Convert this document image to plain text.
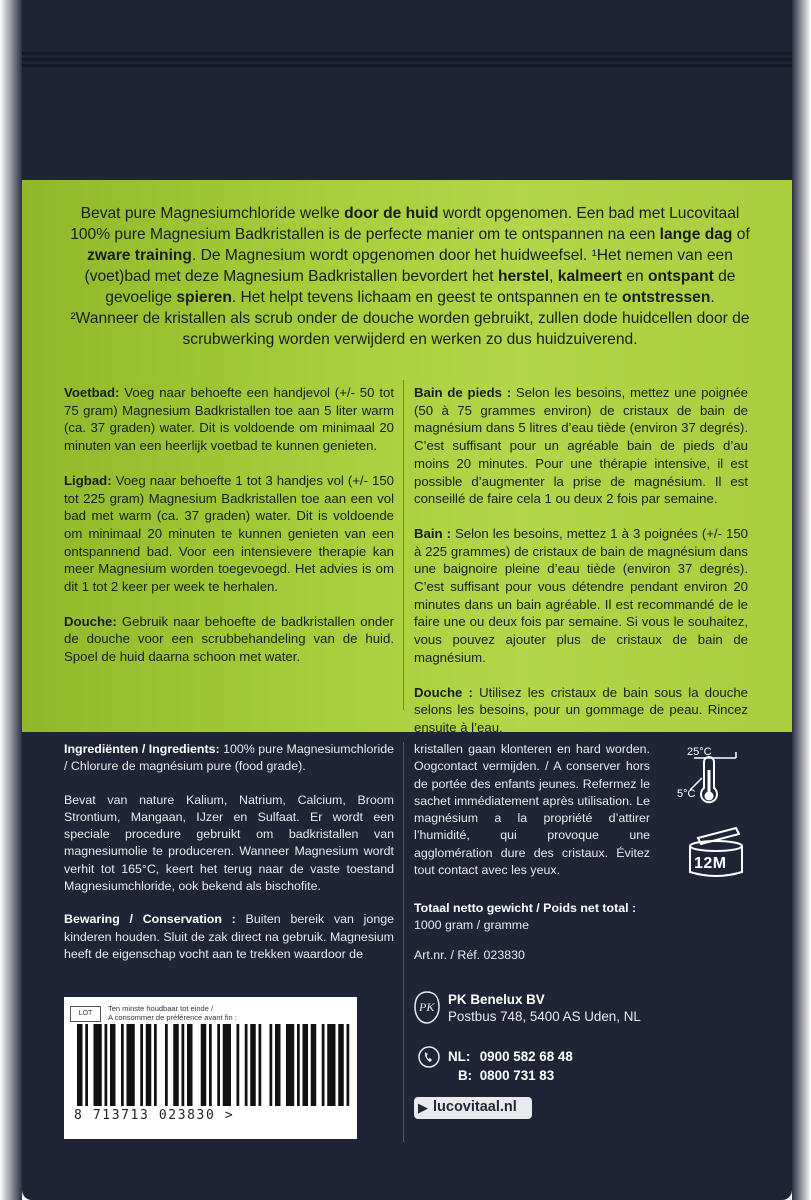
Bevat pure Magnesiumchloride welke door de huid wordt opgenomen. Een bad met Lucovitaal 100% pure Magnesium Badkristallen is de perfecte manier om te ontspannen na een lange dag of zware training. De Magnesium wordt opgenomen door het huidweefsel. ¹Het nemen van een (voet)bad met deze Magnesium Badkristallen bevordert het herstel, kalmeert en ontspant de gevoelige spieren. Het helpt tevens lichaam en geest te ontspannen en te ontstressen. ²Wanneer de kristallen als scrub onder de douche worden gebruikt, zullen dode huidcellen door de scrubwerking worden verwijderd en werken zo dus huidzuiverend.

Voetbad: Voeg naar behoefte een handjevol (+/- 50 tot 75 gram) Magnesium Badkristallen toe aan 5 liter warm (ca. 37 graden) water. Dit is voldoende om minimaal 20 minuten van een heerlijk voetbad te kunnen genieten.

Ligbad: Voeg naar behoefte 1 tot 3 handjes vol (+/- 150 tot 225 gram) Magnesium Badkristallen toe aan een vol bad met warm (ca. 37 graden) water. Dit is voldoende om minimaal 20 minuten te kunnen genieten van een ontspannend bad. Voor een intensievere therapie kan meer Magnesium worden toegevoegd. Het advies is om dit 1 tot 2 keer per week te herhalen.

Douche: Gebruik naar behoefte de badkristallen onder de douche voor een scrubbehandeling van de huid. Spoel de huid daarna schoon met water.

Bain de pieds : Selon les besoins, mettez une poignée (50 à 75 grammes environ) de cristaux de bain de magnésium dans 5 litres d’eau tiède (environ 37 degrés). C’est suffisant pour un agréable bain de pieds d’au moins 20 minutes. Pour une thérapie intensive, il est possible d’augmenter la prise de magnésium. Il est conseillé de faire cela 1 ou deux 2 fois par semaine.

Bain : Selon les besoins, mettez 1 à 3 poignées (+/- 150 à 225 grammes) de cristaux de bain de magnésium dans une baignoire pleine d’eau tiède (environ 37 degrés). C’est suffisant pour vous détendre pendant environ 20 minutes dans un bain agréable. Il est recommandé de le faire une ou deux fois par semaine. Si vous le souhaitez, vous pouvez ajouter plus de cristaux de bain de magnésium.

Douche : Utilisez les cristaux de bain sous la douche selons les besoins, pour un gommage de peau. Rincez ensuite à l’eau.

Ingrediënten / Ingredients: 100% pure Magnesiumchloride / Chlorure de magnésium pure (food grade).

Bevat van nature Kalium, Natrium, Calcium, Broom Strontium, Mangaan, IJzer en Sulfaat. Er wordt een speciale procedure gebruikt om badkristallen van magnesiumolie te produceren. Wanneer Magnesium wordt verhit tot 165°C, keert het terug naar de vaste toestand Magnesiumchloride, ook bekend als bischofite.

Bewaring / Conservation : Buiten bereik van jonge kinderen houden. Sluit de zak direct na gebruik. Magnesium heeft de eigenschap vocht aan te trekken waardoor de

kristallen gaan klonteren en hard worden. Oogcontact vermijden. / A conserver hors de portée des enfants jeunes. Refermez le sachet immédiatement après utilisation. Le magnésium a la propriété d’attirer l’humidité, qui provoque une agglomération dure des cristaux. Évitez tout contact avec les yeux.

Totaal netto gewicht / Poids net total :
1000 gram / gramme
Art.nr. / Réf. 023830
25°C
5°C
12M
LOT
Ten minste houdbaar tot einde /
A consommer de préférence avant fin :
8 713713 023830 >
PK PK Benelux BV
Postbus 748, 5400 AS Uden, NL
NL: 0900 582 68 48
B: 0800 731 83
▶ lucovitaal.nl
